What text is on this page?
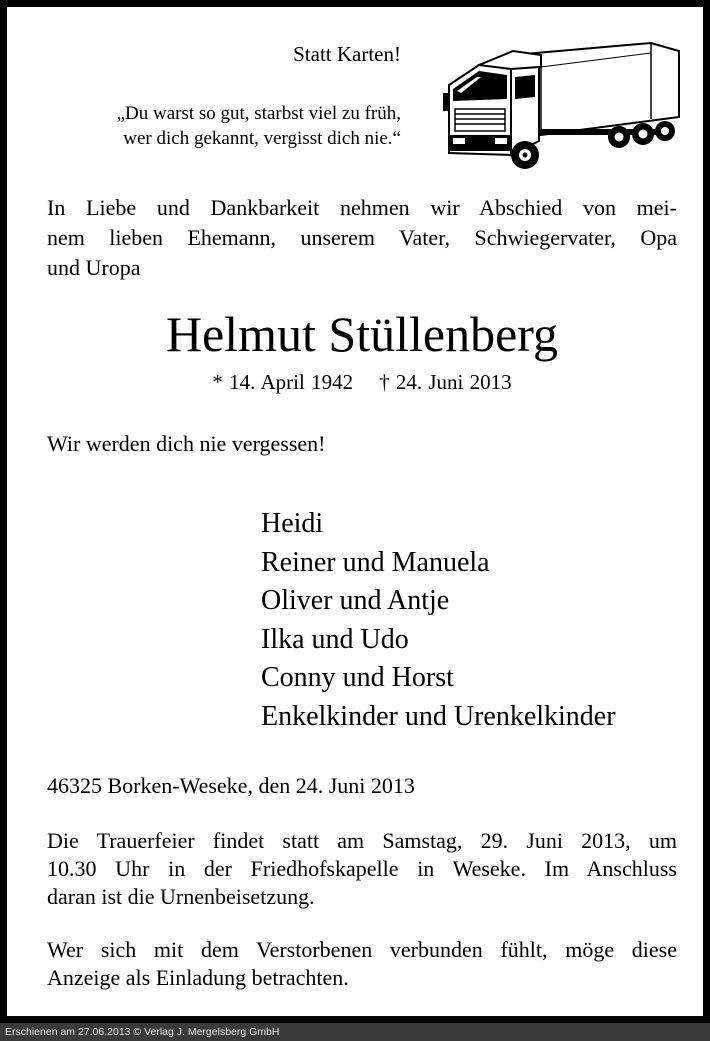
Statt Karten!
„Du warst so gut, starbst viel zu früh,
wer dich gekannt, vergisst dich nie.“
In Liebe und Dankbarkeit nehmen wir Abschied von mei-
nem lieben Ehemann, unserem Vater, Schwiegervater, Opa
und Uropa
Helmut Stüllenberg
* 14. April 1942 † 24. Juni 2013
Wir werden dich nie vergessen!
Heidi
Reiner und Manuela
Oliver und Antje
Ilka und Udo
Conny und Horst
Enkelkinder und Urenkelkinder
46325 Borken-Weseke, den 24. Juni 2013
Die Trauerfeier findet statt am Samstag, 29. Juni 2013, um
10.30 Uhr in der Friedhofskapelle in Weseke. Im Anschluss
daran ist die Urnenbeisetzung.
Wer sich mit dem Verstorbenen verbunden fühlt, möge diese
Anzeige als Einladung betrachten.
Erschienen am 27.06.2013 © Verlag J. Mergelsberg GmbH
